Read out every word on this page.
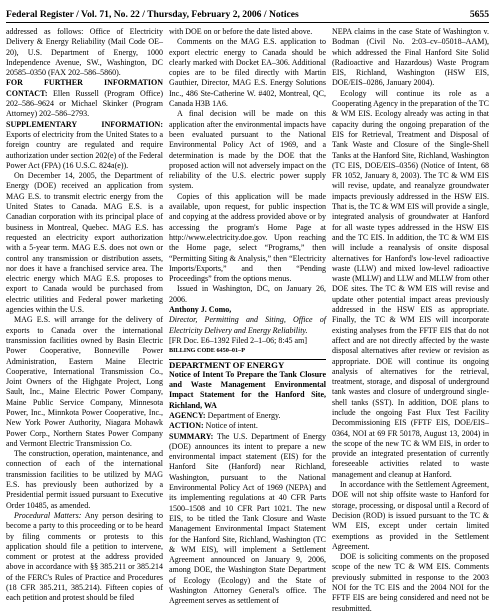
Federal Register / Vol. 71, No. 22 / Thursday, February 2, 2006 / Notices	5655

addressed as follows: Office of Electricity Delivery & Energy Reliability (Mail Code OE–20), U.S. Department of Energy, 1000 Independence Avenue, SW., Washington, DC 20585–0350 (FAX 202–586–5860).

FOR FURTHER INFORMATION CONTACT: Ellen Russell (Program Office) 202–586–9624 or Michael Skinker (Program Attorney) 202–586–2793.

SUPPLEMENTARY INFORMATION: Exports of electricity from the United States to a foreign country are regulated and require authorization under section 202(e) of the Federal Power Act (FPA) (16 U.S.C. 824a(e)).

On December 14, 2005, the Department of Energy (DOE) received an application from MAG E.S. to transmit electric energy from the United States to Canada. MAG E.S. is a Canadian corporation with its principal place of business in Montreal, Quebec. MAG E.S. has requested an electricity export authorization with a 5-year term. MAG E.S. does not own or control any transmission or distribution assets, nor does it have a franchised service area. The electric energy which MAG E.S. proposes to export to Canada would be purchased from electric utilities and Federal power marketing agencies within the U.S.

MAG E.S. will arrange for the delivery of exports to Canada over the international transmission facilities owned by Basin Electric Power Cooperative, Bonneville Power Administration, Eastern Maine Electric Cooperative, International Transmission Co., Joint Owners of the Highgate Project, Long Sault, Inc., Maine Electric Power Company, Maine Public Service Company, Minnesota Power, Inc., Minnkota Power Cooperative, Inc., New York Power Authority, Niagara Mohawk Power Corp., Northern States Power Company and Vermont Electric Transmission Co.

The construction, operation, maintenance, and connection of each of the international transmission facilities to be utilized by MAG E.S. has previously been authorized by a Presidential permit issued pursuant to Executive Order 10485, as amended.

Procedural Matters: Any person desiring to become a party to this proceeding or to be heard by filing comments or protests to this application should file a petition to intervene, comment or protest at the address provided above in accordance with §§ 385.211 or 385.214 of the FERC's Rules of Practice and Procedures (18 CFR 385.211, 385.214). Fifteen copies of each petition and protest should be filed

with DOE on or before the date listed above.

Comments on the MAG E.S. application to export electric energy to Canada should be clearly marked with Docket EA–306. Additional copies are to be filed directly with Martin Gauthier, Director, MAG E.S. Energy Solutions Inc., 486 Ste-Catherine W. #402, Montreal, QC, Canada H3B 1A6.

A final decision will be made on this application after the environmental impacts have been evaluated pursuant to the National Environmental Policy Act of 1969, and a determination is made by the DOE that the proposed action will not adversely impact on the reliability of the U.S. electric power supply system.

Copies of this application will be made available, upon request, for public inspection and copying at the address provided above or by accessing the program's Home Page at http://www.electricity.doe.gov. Upon reaching the Home page, select “Programs,” then “Permitting Siting & Analysis,” then “Electricity Imports/Exports,” and then “Pending Proceedings” from the options menus.

Issued in Washington, DC, on January 26, 2006.

Anthony J. Como,

Director, Permitting and Siting, Office of Electricity Delivery and Energy Reliability.

[FR Doc. E6–1392 Filed 2–1–06; 8:45 am]

BILLING CODE 6450–01–P

DEPARTMENT OF ENERGY

Notice of Intent To Prepare the Tank Closure and Waste Management Environmental Impact Statement for the Hanford Site, Richland, WA

AGENCY: Department of Energy.

ACTION: Notice of intent.

SUMMARY: The U.S. Department of Energy (DOE) announces its intent to prepare a new environmental impact statement (EIS) for the Hanford Site (Hanford) near Richland, Washington, pursuant to the National Environmental Policy Act of 1969 (NEPA) and its implementing regulations at 40 CFR Parts 1500–1508 and 10 CFR Part 1021. The new EIS, to be titled the Tank Closure and Waste Management Environmental Impact Statement for the Hanford Site, Richland, Washington (TC & WM EIS), will implement a Settlement Agreement announced on January 9, 2006, among DOE, the Washington State Department of Ecology (Ecology) and the State of Washington Attorney General's office. The Agreement serves as settlement of

NEPA claims in the case State of Washington v. Bodman (Civil No. 2:03–cv–05018–AAM), which addressed the Final Hanford Site Solid (Radioactive and Hazardous) Waste Program EIS, Richland, Washington (HSW EIS, DOE/EIS–0286, January 2004).

Ecology will continue its role as a Cooperating Agency in the preparation of the TC & WM EIS. Ecology already was acting in that capacity during the ongoing preparation of the EIS for Retrieval, Treatment and Disposal of Tank Waste and Closure of the Single-Shell Tanks at the Hanford Site, Richland, Washington (TC EIS, DOE/EIS–0356) (Notice of Intent, 68 FR 1052, January 8, 2003). The TC & WM EIS will revise, update, and reanalyze groundwater impacts previously addressed in the HSW EIS. That is, the TC & WM EIS will provide a single, integrated analysis of groundwater at Hanford for all waste types addressed in the HSW EIS and the TC EIS. In addition, the TC & WM EIS will include a reanalysis of onsite disposal alternatives for Hanford's low-level radioactive waste (LLW) and mixed low-level radioactive waste (MLLW) and LLW and MLLW from other DOE sites. The TC & WM EIS will revise and update other potential impact areas previously addressed in the HSW EIS as appropriate. Finally, the TC & WM EIS will incorporate existing analyses from the FFTF EIS that do not affect and are not directly affected by the waste disposal alternatives after review or revision as appropriate. DOE will continue its ongoing analysis of alternatives for the retrieval, treatment, storage, and disposal of underground tank wastes and closure of underground single-shell tanks (SST). In addition, DOE plans to include the ongoing Fast Flux Test Facility Decommissioning EIS (FFTF EIS, DOE/EIS–0364, NOI at 69 FR 50178, August 13, 2004) in the scope of the new TC & WM EIS, in order to provide an integrated presentation of currently foreseeable activities related to waste management and cleanup at Hanford.

In accordance with the Settlement Agreement, DOE will not ship offsite waste to Hanford for storage, processing, or disposal until a Record of Decision (ROD) is issued pursuant to the TC & WM EIS, except under certain limited exemptions as provided in the Settlement Agreement.

DOE is soliciting comments on the proposed scope of the new TC & WM EIS. Comments previously submitted in response to the 2003 NOI for the TC EIS and the 2004 NOI for the FFTF EIS are being considered and need not be resubmitted.
